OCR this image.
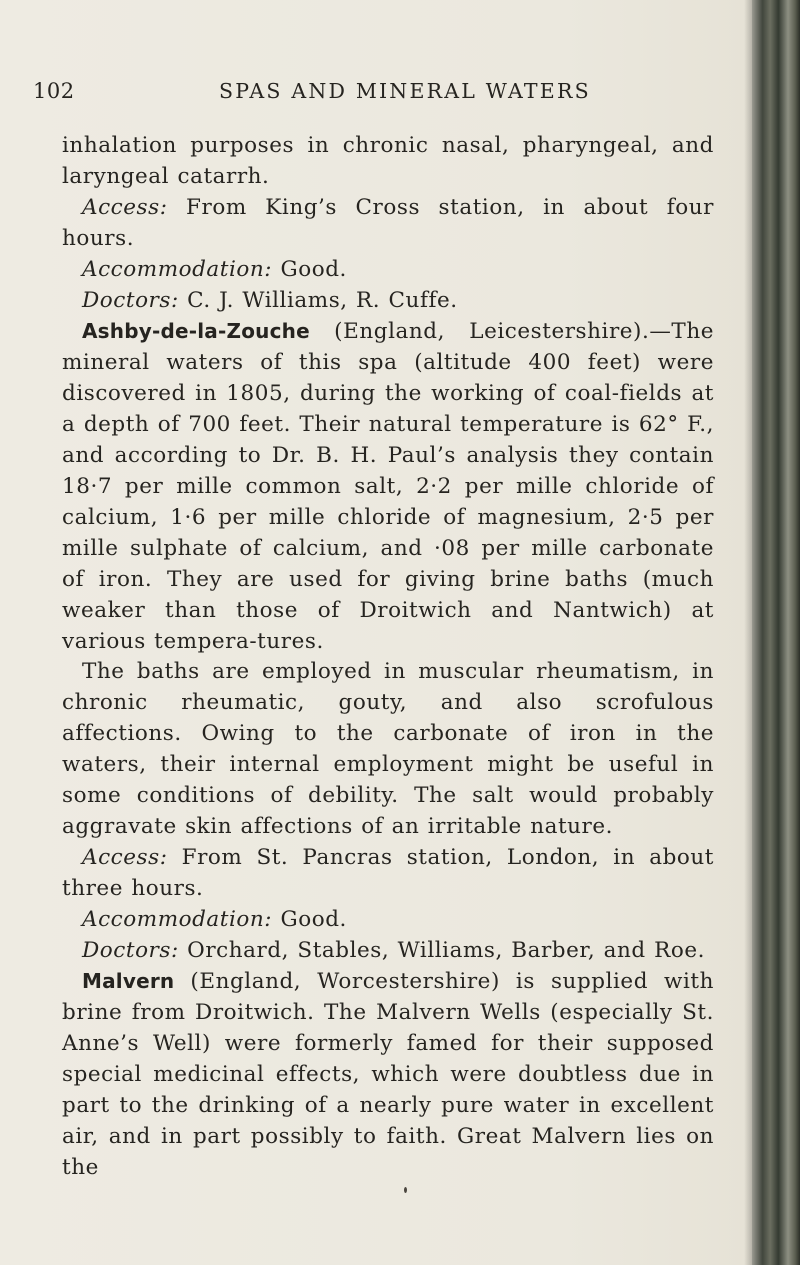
102	SPAS AND MINERAL WATERS

inhalation purposes in chronic nasal, pharyngeal, and laryngeal catarrh.

Access: From King’s Cross station, in about four hours.

Accommodation: Good.

Doctors: C. J. Williams, R. Cuffe.

Ashby-de-la-Zouche (England, Leicestershire).—The mineral waters of this spa (altitude 400 feet) were discovered in 1805, during the working of coal-fields at a depth of 700 feet. Their natural temperature is 62° F., and according to Dr. B. H. Paul’s analysis they contain 18·7 per mille common salt, 2·2 per mille chloride of calcium, 1·6 per mille chloride of magnesium, 2·5 per mille sulphate of calcium, and ·08 per mille carbonate of iron. They are used for giving brine baths (much weaker than those of Droitwich and Nantwich) at various tempera-tures.

The baths are employed in muscular rheumatism, in chronic rheumatic, gouty, and also scrofulous affections. Owing to the carbonate of iron in the waters, their internal employment might be useful in some conditions of debility. The salt would probably aggravate skin affections of an irritable nature.

Access: From St. Pancras station, London, in about three hours.

Accommodation: Good.

Doctors: Orchard, Stables, Williams, Barber, and Roe.

Malvern (England, Worcestershire) is supplied with brine from Droitwich. The Malvern Wells (especially St. Anne’s Well) were formerly famed for their supposed special medicinal effects, which were doubtless due in part to the drinking of a nearly pure water in excellent air, and in part possibly to faith. Great Malvern lies on the
